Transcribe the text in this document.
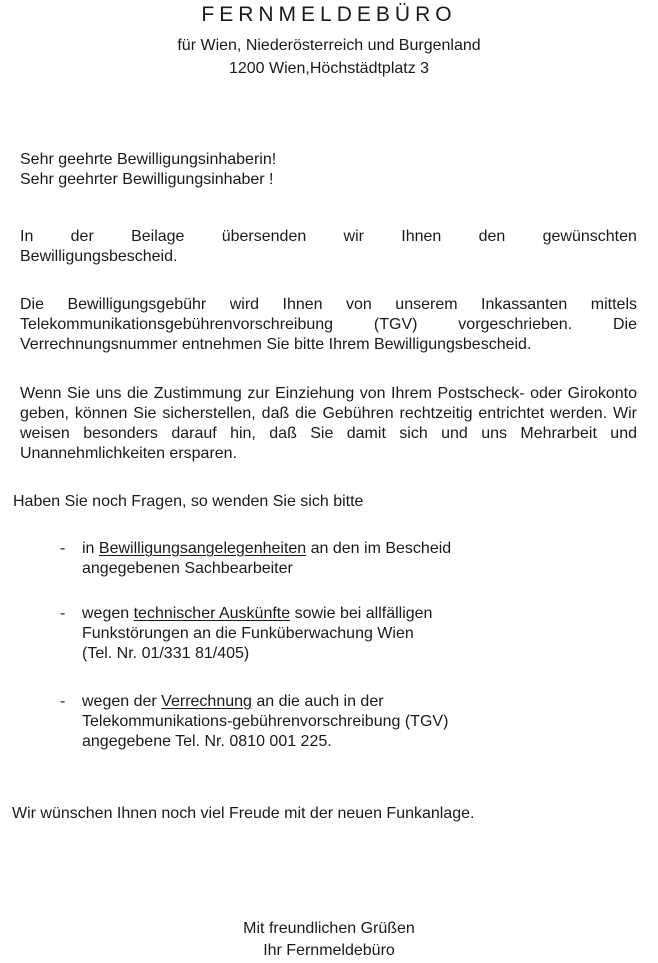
FERNMELDEBÜRO
für Wien, Niederösterreich und Burgenland
1200 Wien,Höchstädtplatz 3
Sehr geehrte Bewilligungsinhaberin!
Sehr geehrter Bewilligungsinhaber !
In der Beilage übersenden wir Ihnen den gewünschten
Bewilligungsbescheid.
Die Bewilligungsgebühr wird Ihnen von unserem Inkassanten mittels Telekommunikationsgebührenvorschreibung (TGV) vorgeschrieben. Die Verrechnungsnummer entnehmen Sie bitte Ihrem Bewilligungsbescheid.
Wenn Sie uns die Zustimmung zur Einziehung von Ihrem Postscheck- oder Girokonto geben, können Sie sicherstellen, daß die Gebühren rechtzeitig entrichtet werden. Wir weisen besonders darauf hin, daß Sie damit sich und uns Mehrarbeit und Unannehmlichkeiten ersparen.
Haben Sie noch Fragen, so wenden Sie sich bitte
- in Bewilligungsangelegenheiten an den im Bescheid
angegebenen Sachbearbeiter
- wegen technischer Auskünfte sowie bei allfälligen
Funkstörungen an die Funküberwachung Wien
(Tel. Nr. 01/331 81/405)
- wegen der Verrechnung an die auch in der
Telekommunikations-gebührenvorschreibung (TGV)
angegebene Tel. Nr. 0810 001 225.
Wir wünschen Ihnen noch viel Freude mit der neuen Funkanlage.
Mit freundlichen Grüßen
Ihr Fernmeldebüro
